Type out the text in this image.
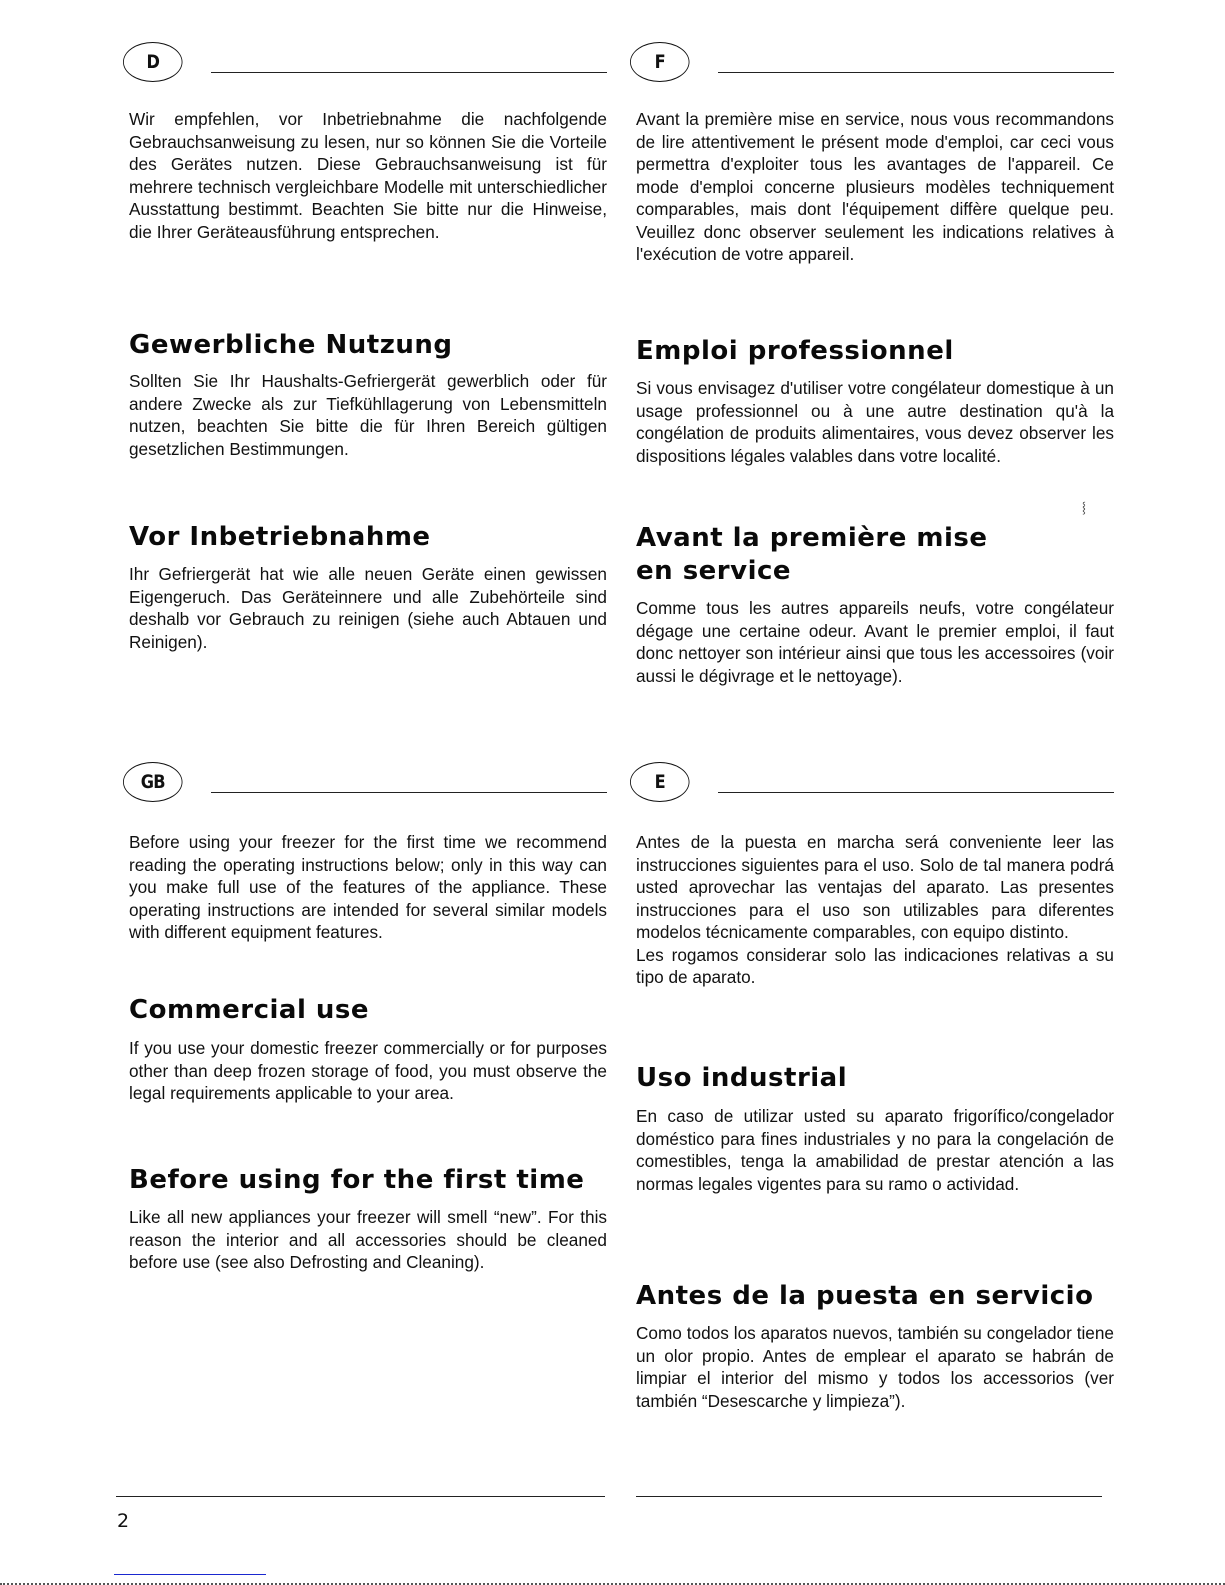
D

Wir empfehlen, vor Inbetriebnahme die nachfolgende Gebrauchsanweisung zu lesen, nur so können Sie die Vorteile des Gerätes nutzen. Diese Gebrauchsanweisung ist für mehrere technisch vergleichbare Modelle mit unterschiedlicher Ausstattung bestimmt. Beachten Sie bitte nur die Hinweise, die Ihrer Geräteausführung entsprechen.

Gewerbliche Nutzung

Sollten Sie Ihr Haushalts-Gefriergerät gewerblich oder für andere Zwecke als zur Tiefkühllagerung von Lebensmitteln nutzen, beachten Sie bitte die für Ihren Bereich gültigen gesetzlichen Bestimmungen.

Vor Inbetriebnahme

Ihr Gefriergerät hat wie alle neuen Geräte einen gewissen Eigengeruch. Das Geräteinnere und alle Zubehörteile sind deshalb vor Gebrauch zu reinigen (siehe auch Abtauen und Reinigen).

F

Avant la première mise en service, nous vous recommandons de lire attentivement le présent mode d'emploi, car ceci vous permettra d'exploiter tous les avantages de l'appareil. Ce mode d'emploi concerne plusieurs modèles techniquement comparables, mais dont l'équipement diffère quelque peu. Veuillez donc observer seulement les indications relatives à l'exécution de votre appareil.

Emploi professionnel

Si vous envisagez d'utiliser votre congélateur domestique à un usage professionnel ou à une autre destination qu'à la congélation de produits alimentaires, vous devez observer les dispositions légales valables dans votre localité.

Avant la première mise
en service

Comme tous les autres appareils neufs, votre congélateur dégage une certaine odeur. Avant le premier emploi, il faut donc nettoyer son intérieur ainsi que tous les accessoires (voir aussi le dégivrage et le nettoyage).

⸾
GB

Before using your freezer for the first time we recommend reading the operating instructions below; only in this way can you make full use of the features of the appliance. These operating instructions are intended for several similar models with different equipment features.

Commercial use

If you use your domestic freezer commercially or for purposes other than deep frozen storage of food, you must observe the legal requirements applicable to your area.

Before using for the first time

Like all new appliances your freezer will smell “new”. For this reason the interior and all accessories should be cleaned before use (see also Defrosting and Cleaning).

E

Antes de la puesta en marcha será conveniente leer las instrucciones siguientes para el uso. Solo de tal manera podrá usted aprovechar las ventajas del aparato. Las presentes instrucciones para el uso son utilizables para diferentes modelos técnicamente comparables, con equipo distinto.

Les rogamos considerar solo las indicaciones relativas a su tipo de aparato.

Uso industrial

En caso de utilizar usted su aparato frigorífico/congelador doméstico para fines industriales y no para la congelación de comestibles, tenga la amabilidad de prestar atención a las normas legales vigentes para su ramo o actividad.

Antes de la puesta en servicio

Como todos los aparatos nuevos, también su congelador tiene un olor propio. Antes de emplear el aparato se habrán de limpiar el interior del mismo y todos los accessorios (ver también “Desescarche y limpieza”).

2
